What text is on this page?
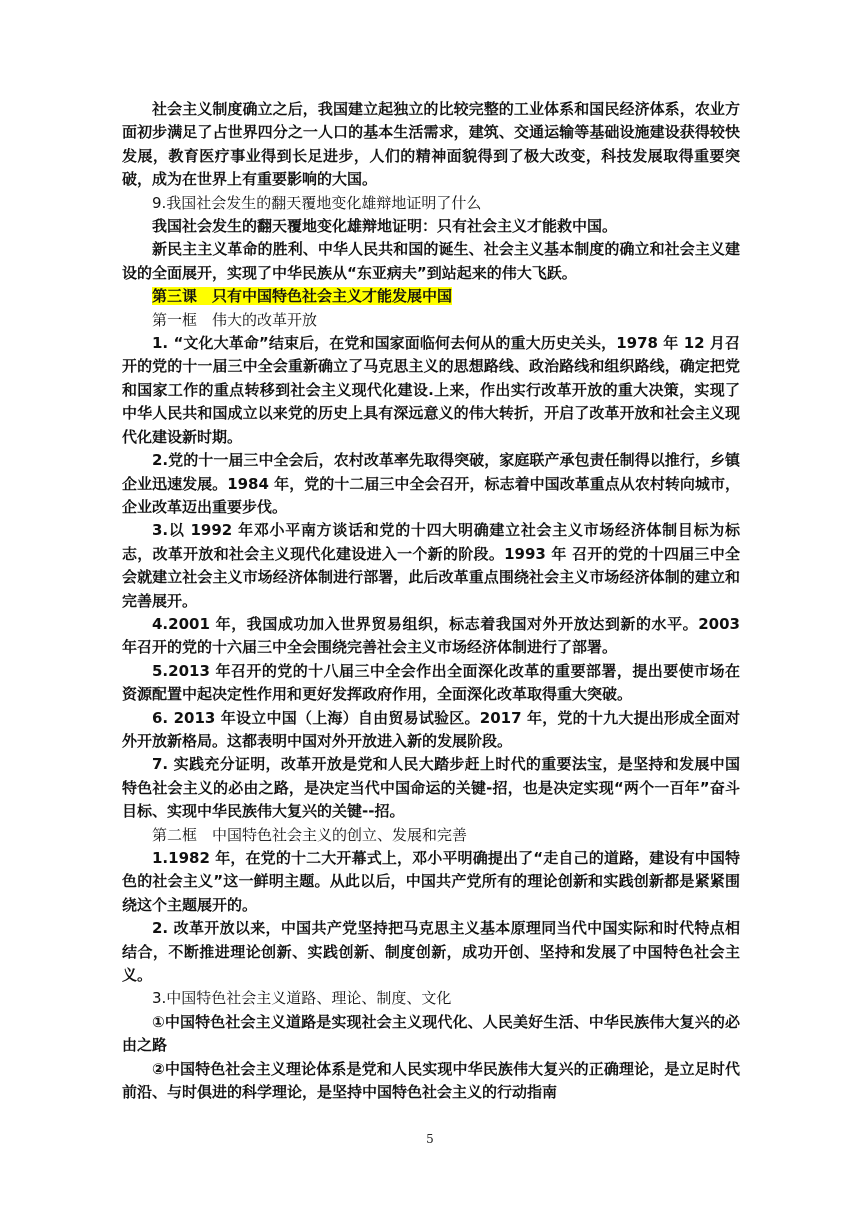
社会主义制度确立之后，我国建立起独立的比较完整的工业体系和国民经济体系，农业方面初步满足了占世界四分之一人口的基本生活需求，建筑、交通运输等基础设施建设获得较快发展，教育医疗事业得到长足进步，人们的精神面貌得到了极大改变，科技发展取得重要突破，成为在世界上有重要影响的大国。

9.我国社会发生的翻天覆地变化雄辩地证明了什么

我国社会发生的翻天覆地变化雄辩地证明：只有社会主义才能救中国。

新民主主义革命的胜利、中华人民共和国的诞生、社会主义基本制度的确立和社会主义建设的全面展开，实现了中华民族从“东亚病夫”到站起来的伟大飞跃。

第三课　只有中国特色社会主义才能发展中国

第一框　伟大的改革开放

1. “文化大革命”结束后，在党和国家面临何去何从的重大历史关头，1978 年 12 月召开的党的十一届三中全会重新确立了马克思主义的思想路线、政治路线和组织路线，确定把党和国家工作的重点转移到社会主义现代化建设.上来，作出实行改革开放的重大决策，实现了中华人民共和国成立以来党的历史上具有深远意义的伟大转折，开启了改革开放和社会主义现代化建设新时期。

2.党的十一届三中全会后，农村改革率先取得突破，家庭联产承包责任制得以推行，乡镇企业迅速发展。1984 年，党的十二届三中全会召开，标志着中国改革重点从农村转向城市，企业改革迈出重要步伐。

3.以 1992 年邓小平南方谈话和党的十四大明确建立社会主义市场经济体制目标为标志，改革开放和社会主义现代化建设进入一个新的阶段。1993 年 召开的党的十四届三中全会就建立社会主义市场经济体制进行部署，此后改革重点围绕社会主义市场经济体制的建立和完善展开。

4.2001 年，我国成功加入世界贸易组织，标志着我国对外开放达到新的水平。2003 年召开的党的十六届三中全会围绕完善社会主义市场经济体制进行了部署。

5.2013 年召开的党的十八届三中全会作出全面深化改革的重要部署，提出要使市场在资源配置中起决定性作用和更好发挥政府作用，全面深化改革取得重大突破。

6. 2013 年设立中国（上海）自由贸易试验区。2017 年，党的十九大提出形成全面对外开放新格局。这都表明中国对外开放进入新的发展阶段。

7. 实践充分证明，改革开放是党和人民大踏步赶上时代的重要法宝，是坚持和发展中国特色社会主义的必由之路，是决定当代中国命运的关键-招，也是决定实现“两个一百年”奋斗目标、实现中华民族伟大复兴的关键--招。

第二框　中国特色社会主义的创立、发展和完善

1.1982 年，在党的十二大开幕式上，邓小平明确提出了“走自己的道路，建设有中国特色的社会主义”这一鲜明主题。从此以后，中国共产党所有的理论创新和实践创新都是紧紧围绕这个主题展开的。

2. 改革开放以来，中国共产党坚持把马克思主义基本原理同当代中国实际和时代特点相结合，不断推进理论创新、实践创新、制度创新，成功开创、坚持和发展了中国特色社会主义。

3.中国特色社会主义道路、理论、制度、文化

①中国特色社会主义道路是实现社会主义现代化、人民美好生活、中华民族伟大复兴的必由之路

②中国特色社会主义理论体系是党和人民实现中华民族伟大复兴的正确理论，是立足时代前沿、与时俱进的科学理论，是坚持中国特色社会主义的行动指南

5
